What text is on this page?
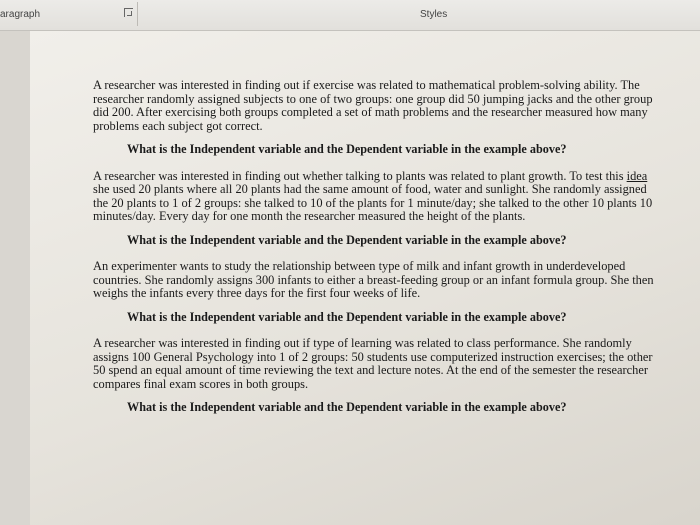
aragraph	Styles

A researcher was interested in finding out if exercise was related to mathematical problem-solving ability. The researcher randomly assigned subjects to one of two groups: one group did 50 jumping jacks and the other group did 200. After exercising both groups completed a set of math problems and the researcher measured how many problems each subject got correct.

What is the Independent variable and the Dependent variable in the example above?

A researcher was interested in finding out whether talking to plants was related to plant growth. To test this idea she used 20 plants where all 20 plants had the same amount of food, water and sunlight. She randomly assigned the 20 plants to 1 of 2 groups: she talked to 10 of the plants for 1 minute/day; she talked to the other 10 plants 10 minutes/day. Every day for one month the researcher measured the height of the plants.

What is the Independent variable and the Dependent variable in the example above?

An experimenter wants to study the relationship between type of milk and infant growth in underdeveloped countries. She randomly assigns 300 infants to either a breast-feeding group or an infant formula group. She then weighs the infants every three days for the first four weeks of life.

What is the Independent variable and the Dependent variable in the example above?

A researcher was interested in finding out if type of learning was related to class performance. She randomly assigns 100 General Psychology into 1 of 2 groups: 50 students use computerized instruction exercises; the other 50 spend an equal amount of time reviewing the text and lecture notes. At the end of the semester the researcher compares final exam scores in both groups.

What is the Independent variable and the Dependent variable in the example above?
